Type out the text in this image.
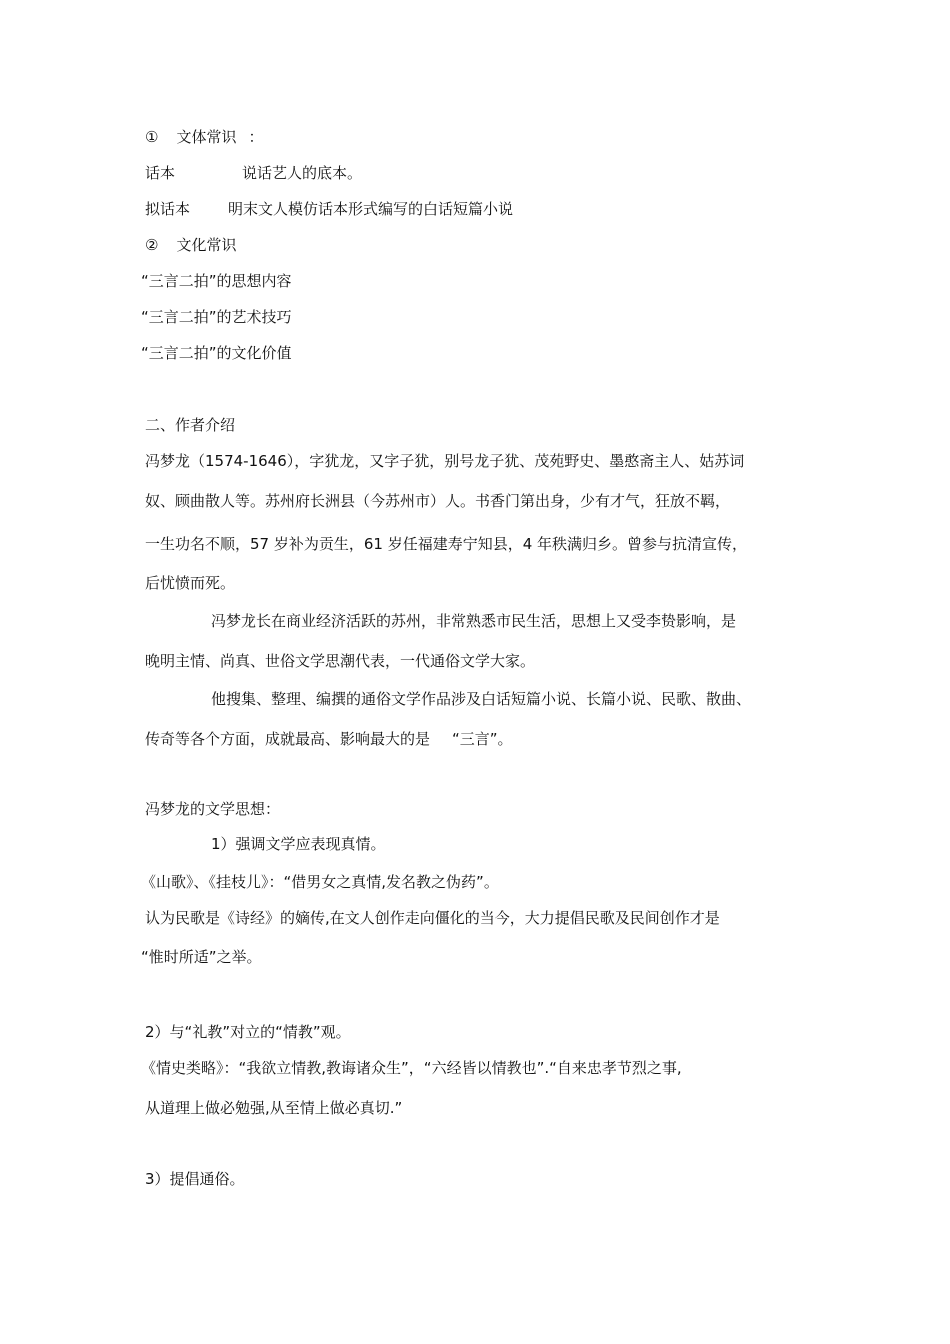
① 文体常识 ：

话本	说话艺人的底本。

拟话本	明末文人模仿话本形式编写的白话短篇小说

② 文化常识

“三言二拍”的思想内容

“三言二拍”的艺术技巧

“三言二拍”的文化价值

二、作者介绍

冯梦龙（1574-1646），字犹龙，又字子犹，别号龙子犹、茂苑野史、墨憨斋主人、姑苏词

奴、顾曲散人等。苏州府长洲县（今苏州市）人。书香门第出身，少有才气，狂放不羁，

一生功名不顺，57 岁补为贡生，61 岁任福建寿宁知县，4 年秩满归乡。曾参与抗清宣传，

后忧愤而死。

冯梦龙长在商业经济活跃的苏州，非常熟悉市民生活，思想上又受李贽影响，是

晚明主情、尚真、世俗文学思潮代表，一代通俗文学大家。

他搜集、整理、编撰的通俗文学作品涉及白话短篇小说、长篇小说、民歌、散曲、

传奇等各个方面，成就最高、影响最大的是 “三言”。

冯梦龙的文学思想：

1）强调文学应表现真情。

《山歌》、《挂枝儿》：“借男女之真情,发名教之伪药”。

认为民歌是《诗经》的嫡传,在文人创作走向僵化的当今，大力提倡民歌及民间创作才是

“惟时所适”之举。

2）与“礼教”对立的“情教”观。

《情史类略》：“我欲立情教,教诲诸众生”，“六经皆以情教也”.“自来忠孝节烈之事,

从道理上做必勉强,从至情上做必真切.”

3）提倡通俗。
